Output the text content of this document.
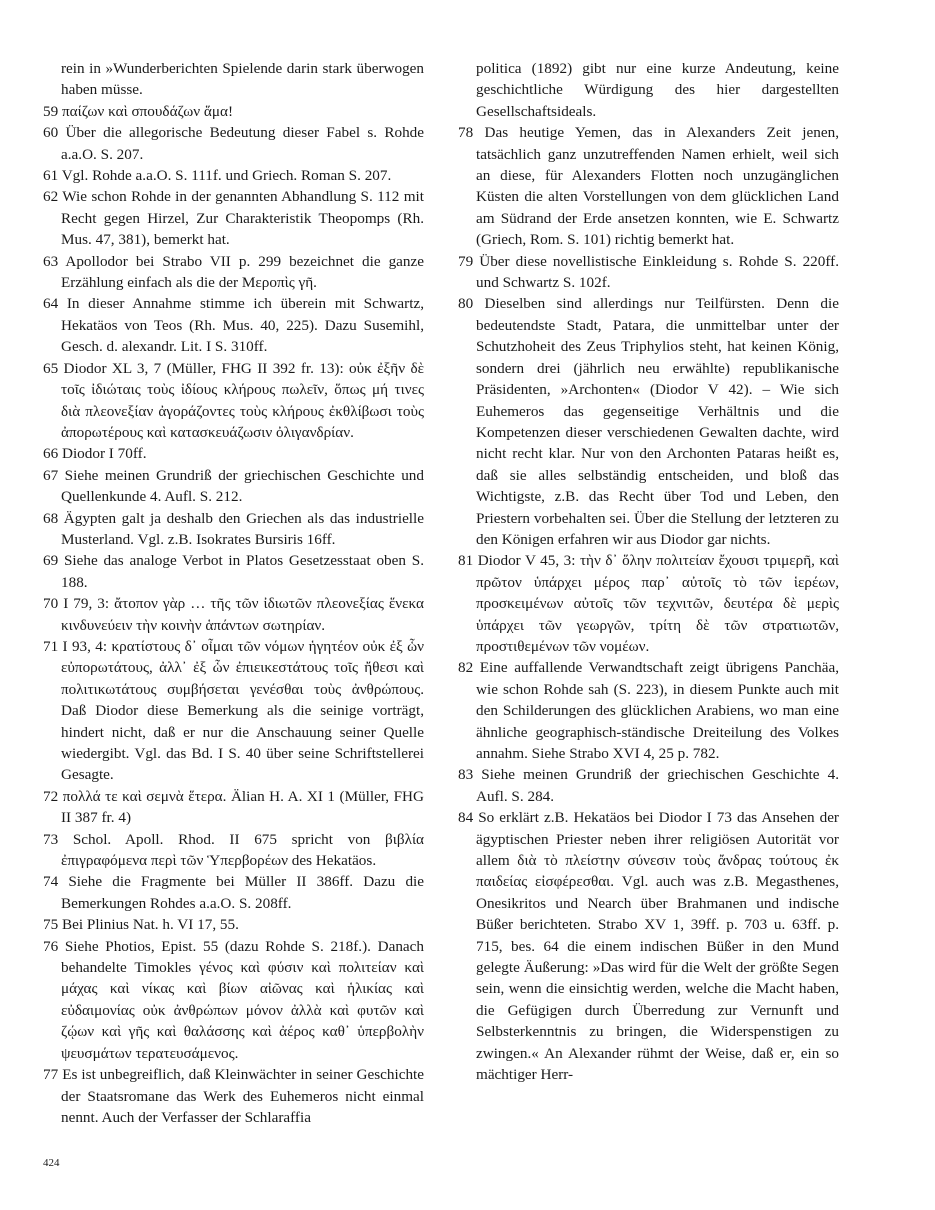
rein in »Wunderberichten Spielende darin stark überwogen haben müsse.

59 παίζων καὶ σπουδάζων ἅμα!

60 Über die allegorische Bedeutung dieser Fabel s. Rohde a.a.O. S. 207.

61 Vgl. Rohde a.a.O. S. 111f. und Griech. Roman S. 207.

62 Wie schon Rohde in der genannten Abhandlung S. 112 mit Recht gegen Hirzel, Zur Charakteristik Theopomps (Rh. Mus. 47, 381), bemerkt hat.

63 Apollodor bei Strabo VII p. 299 bezeichnet die ganze Erzählung einfach als die der Μεροπὶς γῆ.

64 In dieser Annahme stimme ich überein mit Schwartz, Hekatäos von Teos (Rh. Mus. 40, 225). Dazu Susemihl, Gesch. d. alexandr. Lit. I S. 310ff.

65 Diodor XL 3, 7 (Müller, FHG II 392 fr. 13): οὐκ ἐξῆν δὲ τοῖς ἰδιώταις τοὺς ἰδίους κλήρους πωλεῖν, ὅπως μή τινες διὰ πλεονεξίαν ἀγοράζοντες τοὺς κλήρους ἐκθλίβωσι τοὺς ἀπορωτέρους καὶ κατασκευάζωσιν ὀλιγανδρίαν.

66 Diodor I 70ff.

67 Siehe meinen Grundriß der griechischen Geschichte und Quellenkunde 4. Aufl. S. 212.

68 Ägypten galt ja deshalb den Griechen als das industrielle Musterland. Vgl. z.B. Isokrates Bursiris 16ff.

69 Siehe das analoge Verbot in Platos Gesetzesstaat oben S. 188.

70 I 79, 3: ἄτοπον γὰρ … τῆς τῶν ἰδιωτῶν πλεονεξίας ἕνεκα κινδυνεύειν τὴν κοινὴν ἁπάντων σωτηρίαν.

71 I 93, 4: κρατίστους δ᾽ οἶμαι τῶν νόμων ἡγητέον οὐκ ἐξ ὧν εὐπορωτάτους, ἀλλ᾽ ἐξ ὧν ἐπιεικεστάτους τοῖς ἤθεσι καὶ πολιτικωτάτους συμβήσεται γενέσθαι τοὺς ἀνθρώπους. Daß Diodor diese Bemerkung als die seinige vorträgt, hindert nicht, daß er nur die Anschauung seiner Quelle wiedergibt. Vgl. das Bd. I S. 40 über seine Schriftstellerei Gesagte.

72 πολλά τε καὶ σεμνὰ ἕτερα. Älian H. A. XI 1 (Müller, FHG II 387 fr. 4)

73 Schol. Apoll. Rhod. II 675 spricht von βιβλία ἐπιγραφόμενα περὶ τῶν Ὑπερβορέων des Hekatäos.

74 Siehe die Fragmente bei Müller II 386ff. Dazu die Bemerkungen Rohdes a.a.O. S. 208ff.

75 Bei Plinius Nat. h. VI 17, 55.

76 Siehe Photios, Epist. 55 (dazu Rohde S. 218f.). Danach behandelte Timokles γένος καὶ φύσιν καὶ πολιτείαν καὶ μάχας καὶ νίκας καὶ βίων αἰῶνας καὶ ἡλικίας καὶ εὐδαιμονίας οὐκ ἀνθρώπων μόνον ἀλλὰ καὶ φυτῶν καὶ ζῴων καὶ γῆς καὶ θαλάσσης καὶ ἀέρος καθ᾽ ὑπερβολὴν ψευσμάτων τερατευσάμενος.

77 Es ist unbegreiflich, daß Kleinwächter in seiner Geschichte der Staatsromane das Werk des Euhemeros nicht einmal nennt. Auch der Verfasser der Schlaraffia

politica (1892) gibt nur eine kurze Andeutung, keine geschichtliche Würdigung des hier dargestellten Gesellschaftsideals.

78 Das heutige Yemen, das in Alexanders Zeit jenen, tatsächlich ganz unzutreffenden Namen erhielt, weil sich an diese, für Alexanders Flotten noch unzugänglichen Küsten die alten Vorstellungen von dem glücklichen Land am Südrand der Erde ansetzen konnten, wie E. Schwartz (Griech, Rom. S. 101) richtig bemerkt hat.

79 Über diese novellistische Einkleidung s. Rohde S. 220ff. und Schwartz S. 102f.

80 Dieselben sind allerdings nur Teilfürsten. Denn die bedeutendste Stadt, Patara, die unmittelbar unter der Schutzhoheit des Zeus Triphylios steht, hat keinen König, sondern drei (jährlich neu erwählte) republikanische Präsidenten, »Archonten« (Diodor V 42). – Wie sich Euhemeros das gegenseitige Verhältnis und die Kompetenzen dieser verschiedenen Gewalten dachte, wird nicht recht klar. Nur von den Archonten Pataras heißt es, daß sie alles selbständig entscheiden, und bloß das Wichtigste, z.B. das Recht über Tod und Leben, den Priestern vorbehalten sei. Über die Stellung der letzteren zu den Königen erfahren wir aus Diodor gar nichts.

81 Diodor V 45, 3: τὴν δ᾽ ὅλην πολιτείαν ἔχουσι τριμερῆ, καὶ πρῶτον ὑπάρχει μέρος παρ᾽ αὐτοῖς τὸ τῶν ἱερέων, προσκειμένων αὐτοῖς τῶν τεχνιτῶν, δευτέρα δὲ μερὶς ὑπάρχει τῶν γεωργῶν, τρίτη δὲ τῶν στρατιωτῶν, προστιθεμένων τῶν νομέων.

82 Eine auffallende Verwandtschaft zeigt übrigens Panchäa, wie schon Rohde sah (S. 223), in diesem Punkte auch mit den Schilderungen des glücklichen Arabiens, wo man eine ähnliche geographisch-ständische Dreiteilung des Volkes annahm. Siehe Strabo XVI 4, 25 p. 782.

83 Siehe meinen Grundriß der griechischen Geschichte 4. Aufl. S. 284.

84 So erklärt z.B. Hekatäos bei Diodor I 73 das Ansehen der ägyptischen Priester neben ihrer religiösen Autorität vor allem διὰ τὸ πλείστην σύνεσιν τοὺς ἄνδρας τούτους ἐκ παιδείας εἰσφέρεσθαι. Vgl. auch was z.B. Megasthenes, Onesikritos und Nearch über Brahmanen und indische Büßer berichteten. Strabo XV 1, 39ff. p. 703 u. 63ff. p. 715, bes. 64 die einem indischen Büßer in den Mund gelegte Äußerung: »Das wird für die Welt der größte Segen sein, wenn die einsichtig werden, welche die Macht haben, die Gefügigen durch Überredung zur Vernunft und Selbsterkenntnis zu bringen, die Widerspenstigen zu zwingen.« An Alexander rühmt der Weise, daß er, ein so mächtiger Herr-

424
